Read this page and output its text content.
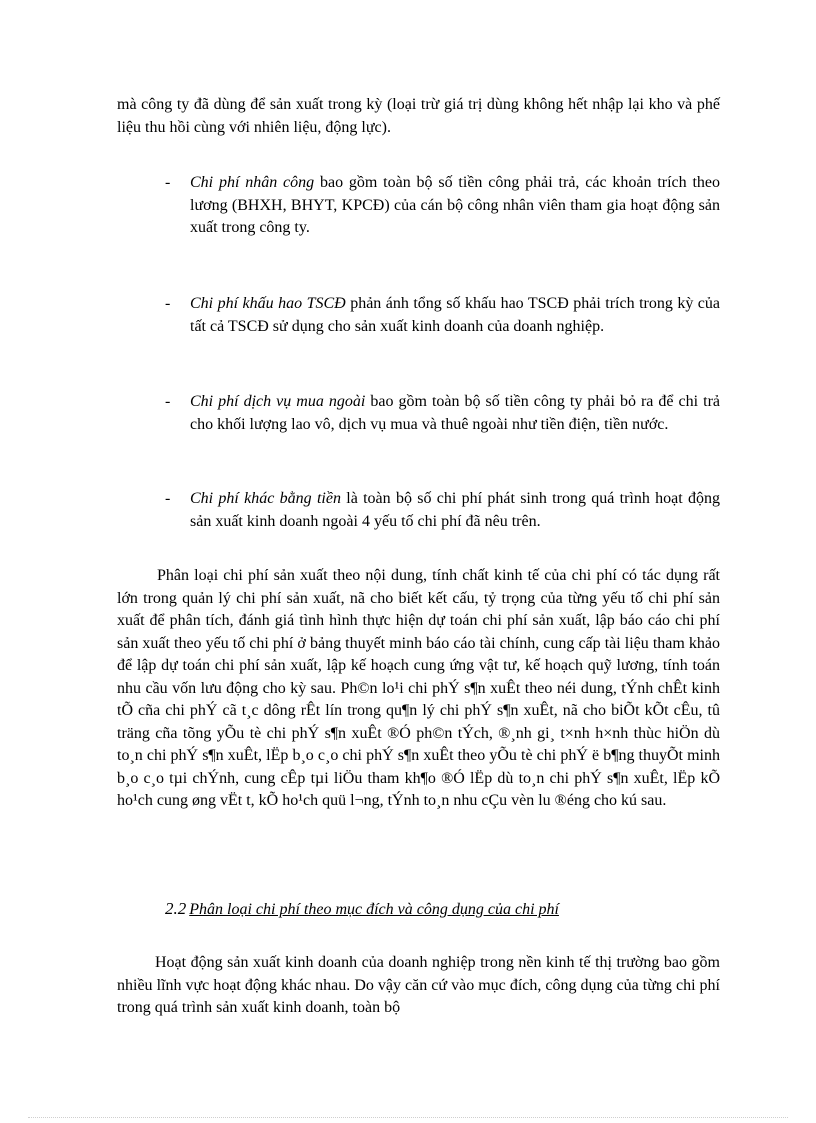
mà công ty đã dùng để sản xuất trong kỳ (loại trừ giá trị dùng không hết nhập lại kho và phế liệu thu hồi cùng với nhiên liệu, động lực).

-	Chi phí nhân công bao gồm toàn bộ số tiền công phải trả, các khoản trích theo lương (BHXH, BHYT, KPCĐ) của cán bộ công nhân viên tham gia hoạt động sản xuất trong công ty.
-	Chi phí khấu hao TSCĐ phản ánh tổng số khấu hao TSCĐ phải trích trong kỳ của tất cả TSCĐ sử dụng cho sản xuất kinh doanh của doanh nghiệp.
-	Chi phí dịch vụ mua ngoài bao gồm toàn bộ số tiền công ty phải bỏ ra để chi trả cho khối lượng lao vô, dịch vụ mua và thuê ngoài như tiền điện, tiền nước.
-	Chi phí khác bằng tiền là toàn bộ số chi phí phát sinh trong quá trình hoạt động sản xuất kinh doanh ngoài 4 yếu tố chi phí đã nêu trên.

Phân loại chi phí sản xuất theo nội dung, tính chất kinh tế của chi phí có tác dụng rất lớn trong quản lý chi phí sản xuất, nã cho biết kết cấu, tỷ trọng của từng yếu tố chi phí sản xuất để phân tích, đánh giá tình hình thực hiện dự toán chi phí sản xuất, lập báo cáo chi phí sản xuất theo yếu tố chi phí ở bảng thuyết minh báo cáo tài chính, cung cấp tài liệu tham khảo để lập dự toán chi phí sản xuất, lập kế hoạch cung ứng vật tư, kế hoạch quỹ lương, tính toán nhu cầu vốn lưu động cho kỳ sau. Ph©n lo¹i chi phÝ s¶n xuÊt theo néi dung, tÝnh chÊt kinh tÕ cña chi phÝ cã t¸c dông rÊt lín trong qu¶n lý chi phÝ s¶n xuÊt, nã cho biÕt kÕt cÊu, tû träng cña tõng yÕu tè chi phÝ s¶n xuÊt ®Ó ph©n tÝch, ®¸nh gi¸ t×nh h×nh thùc hiÖn dù to¸n chi phÝ s¶n xuÊt, lËp b¸o c¸o chi phÝ s¶n xuÊt theo yÕu tè chi phÝ ë b¶ng thuyÕt minh b¸o c¸o tµi chÝnh, cung cÊp tµi liÖu tham kh¶o ®Ó lËp dù to¸n chi phÝ s¶n xuÊt, lËp kÕ ho¹ch cung øng vËt t, kÕ ho¹ch quü l¬ng, tÝnh to¸n nhu cÇu vèn lu ®éng cho kú sau.

2.2 Phân loại chi phí theo mục đích và công dụng của chi phí

Hoạt động sản xuất kinh doanh của doanh nghiệp trong nền kinh tế thị trường bao gồm nhiều lĩnh vực hoạt động khác nhau. Do vậy căn cứ vào mục đích, công dụng của từng chi phí trong quá trình sản xuất kinh doanh, toàn bộ
